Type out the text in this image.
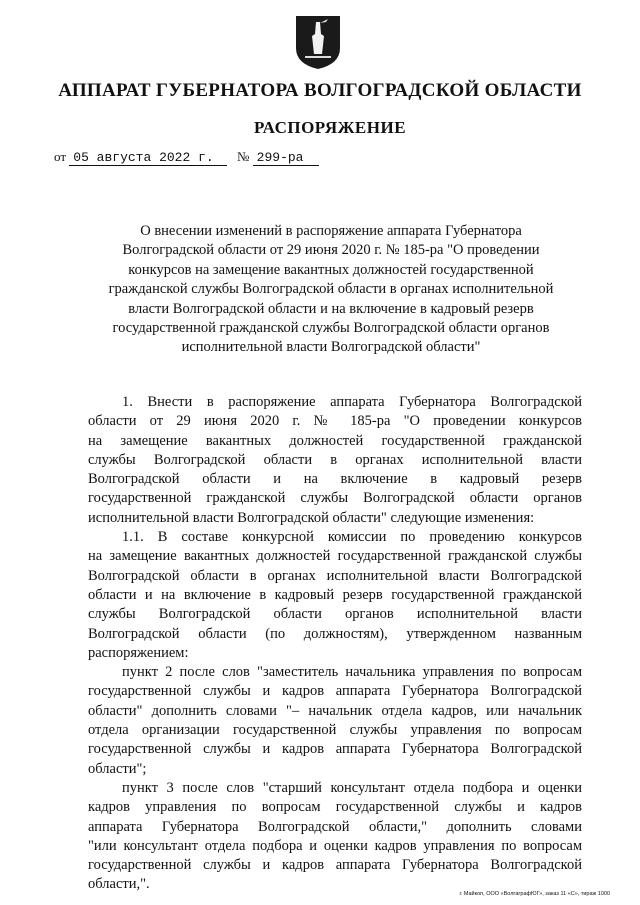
АППАРАТ ГУБЕРНАТОРА ВОЛГОГРАДСКОЙ ОБЛАСТИ
РАСПОРЯЖЕНИЕ
от 05 августа 2022 г. № 299-ра
О внесении изменений в распоряжение аппарата Губернатора
Волгоградской области от 29 июня 2020 г. № 185-ра "О проведении
конкурсов на замещение вакантных должностей государственной
гражданской службы Волгоградской области в органах исполнительной
власти Волгоградской области и на включение в кадровый резерв
государственной гражданской службы Волгоградской области органов
исполнительной власти Волгоградской области"
1. Внести в распоряжение аппарата Губернатора Волгоградской
области от 29 июня 2020 г. № 185-ра "О проведении конкурсов
на замещение вакантных должностей государственной гражданской
службы Волгоградской области в органах исполнительной власти
Волгоградской области и на включение в кадровый резерв
государственной гражданской службы Волгоградской области органов
исполнительной власти Волгоградской области" следующие изменения:
1.1. В составе конкурсной комиссии по проведению конкурсов
на замещение вакантных должностей государственной гражданской службы
Волгоградской области в органах исполнительной власти Волгоградской
области и на включение в кадровый резерв государственной гражданской
службы Волгоградской области органов исполнительной власти
Волгоградской области (по должностям), утвержденном названным
распоряжением:
пункт 2 после слов "заместитель начальника управления по вопросам
государственной службы и кадров аппарата Губернатора Волгоградской
области" дополнить словами "– начальник отдела кадров, или начальник
отдела организации государственной службы управления по вопросам
государственной службы и кадров аппарата Губернатора Волгоградской
области";
пункт 3 после слов "старший консультант отдела подбора и оценки
кадров управления по вопросам государственной службы и кадров
аппарата Губернатора Волгоградской области," дополнить словами
"или консультант отдела подбора и оценки кадров управления по вопросам
государственной службы и кадров аппарата Губернатора Волгоградской
области,".
г. Майкоп, ООО «ВолгаграфЮГ», заказ 11 «С», тираж 1000
